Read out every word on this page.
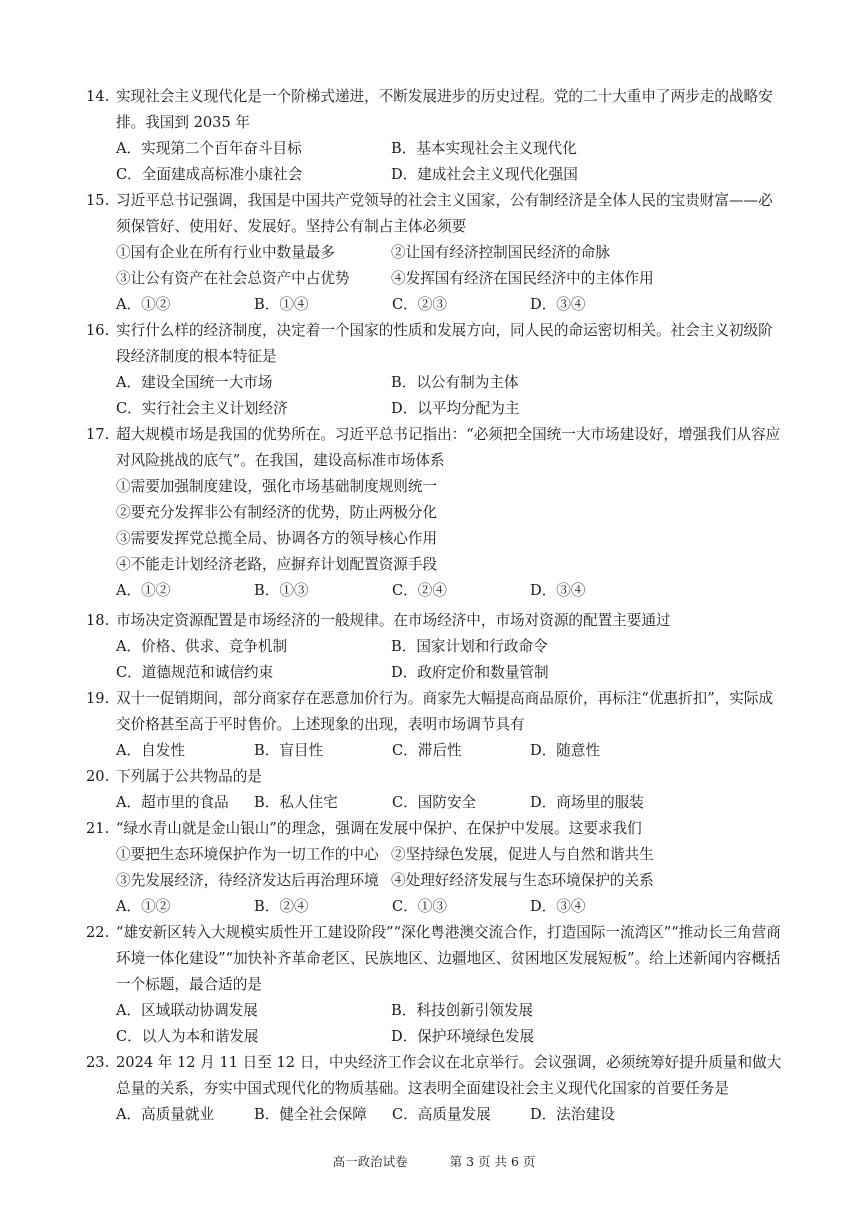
14. 实现社会主义现代化是一个阶梯式递进，不断发展进步的历史过程。党的二十大重申了两步走的战略安排。我国到 2035 年
A．实现第二个百年奋斗目标	B．基本实现社会主义现代化
C．全面建成高标准小康社会	D．建成社会主义现代化强国
15. 习近平总书记强调，我国是中国共产党领导的社会主义国家，公有制经济是全体人民的宝贵财富——必须保管好、使用好、发展好。坚持公有制占主体必须要
①国有企业在所有行业中数量最多	②让国有经济控制国民经济的命脉
③让公有资产在社会总资产中占优势	④发挥国有经济在国民经济中的主体作用
A．①②	B．①④	C．②③	D．③④
16. 实行什么样的经济制度，决定着一个国家的性质和发展方向，同人民的命运密切相关。社会主义初级阶段经济制度的根本特征是
A．建设全国统一大市场	B．以公有制为主体
C．实行社会主义计划经济	D．以平均分配为主
17. 超大规模市场是我国的优势所在。习近平总书记指出：“必须把全国统一大市场建设好，增强我们从容应对风险挑战的底气”。在我国，建设高标准市场体系
①需要加强制度建设，强化市场基础制度规则统一
②要充分发挥非公有制经济的优势，防止两极分化
③需要发挥党总揽全局、协调各方的领导核心作用
④不能走计划经济老路，应摒弃计划配置资源手段
A．①②	B．①③	C．②④	D．③④
18. 市场决定资源配置是市场经济的一般规律。在市场经济中，市场对资源的配置主要通过
A．价格、供求、竞争机制	B．国家计划和行政命令
C．道德规范和诚信约束	D．政府定价和数量管制
19. 双十一促销期间，部分商家存在恶意加价行为。商家先大幅提高商品原价，再标注“优惠折扣”，实际成交价格甚至高于平时售价。上述现象的出现，表明市场调节具有
A．自发性	B．盲目性	C．滞后性	D．随意性
20. 下列属于公共物品的是
A．超市里的食品	B．私人住宅	C．国防安全	D．商场里的服装
21. “绿水青山就是金山银山”的理念，强调在发展中保护、在保护中发展。这要求我们
①要把生态环境保护作为一切工作的中心 ②坚持绿色发展，促进人与自然和谐共生
③先发展经济，待经济发达后再治理环境 ④处理好经济发展与生态环境保护的关系
A．①②	B．②④	C．①③	D．③④
22. “雄安新区转入大规模实质性开工建设阶段”“深化粤港澳交流合作，打造国际一流湾区”“推动长三角营商环境一体化建设”“加快补齐革命老区、民族地区、边疆地区、贫困地区发展短板”。给上述新闻内容概括一个标题，最合适的是
A．区域联动协调发展	B．科技创新引领发展
C．以人为本和谐发展	D．保护环境绿色发展
23. 2024 年 12 月 11 日至 12 日，中央经济工作会议在北京举行。会议强调，必须统筹好提升质量和做大总量的关系，夯实中国式现代化的物质基础。这表明全面建设社会主义现代化国家的首要任务是
A．高质量就业	B．健全社会保障	C．高质量发展	D．法治建设
高一政治试卷	第 3 页 共 6 页
